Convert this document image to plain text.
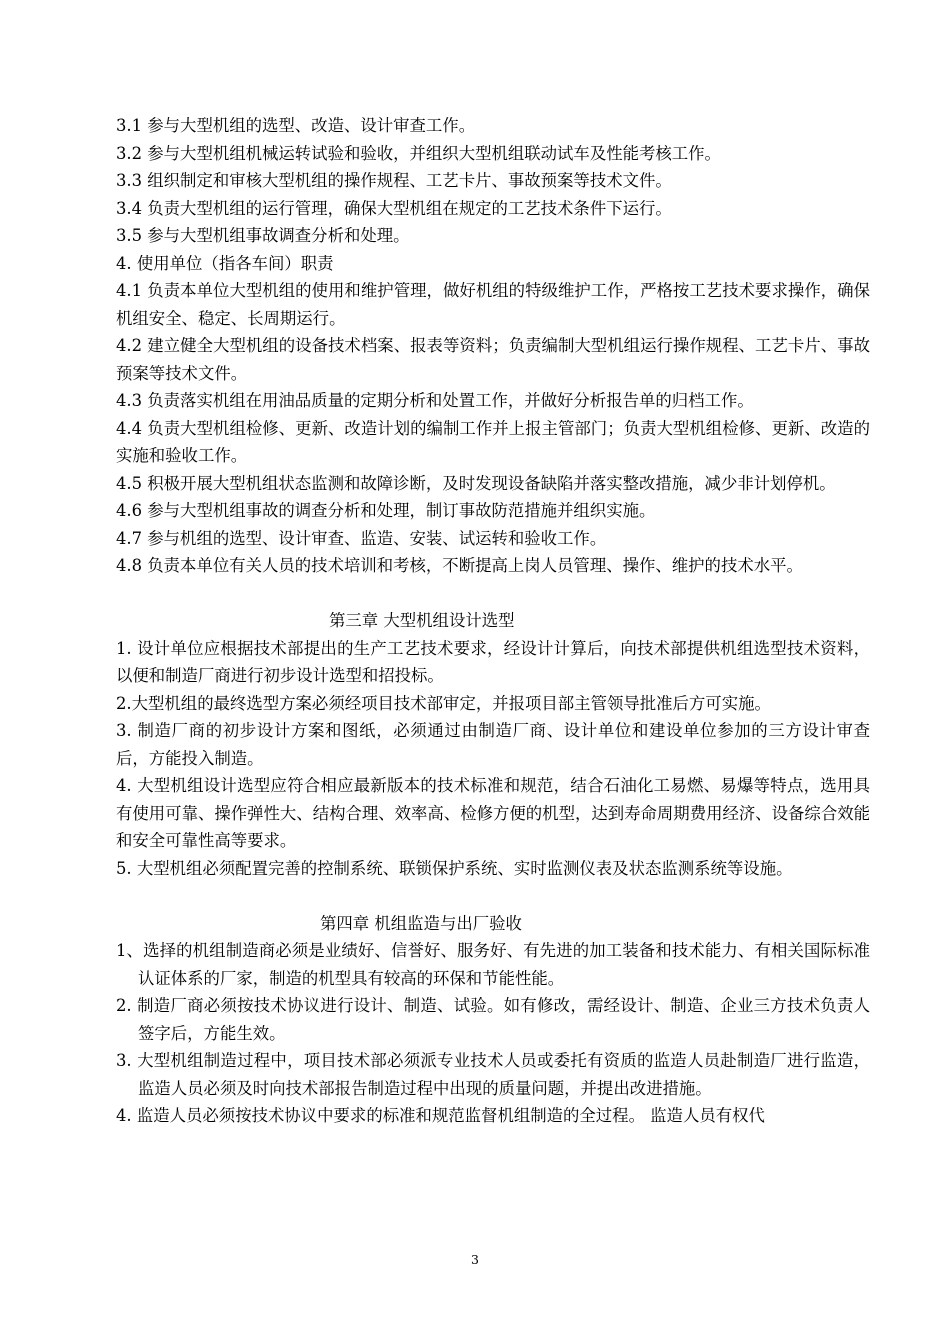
3.1 参与大型机组的选型、改造、设计审查工作。

3.2 参与大型机组机械运转试验和验收，并组织大型机组联动试车及性能考核工作。

3.3 组织制定和审核大型机组的操作规程、工艺卡片、事故预案等技术文件。

3.4 负责大型机组的运行管理，确保大型机组在规定的工艺技术条件下运行。

3.5 参与大型机组事故调查分析和处理。

4. 使用单位（指各车间）职责

4.1 负责本单位大型机组的使用和维护管理，做好机组的特级维护工作，严格按工艺技术要求操作，确保机组安全、稳定、长周期运行。

4.2 建立健全大型机组的设备技术档案、报表等资料；负责编制大型机组运行操作规程、工艺卡片、事故预案等技术文件。

4.3 负责落实机组在用油品质量的定期分析和处置工作，并做好分析报告单的归档工作。

4.4 负责大型机组检修、更新、改造计划的编制工作并上报主管部门；负责大型机组检修、更新、改造的实施和验收工作。

4.5 积极开展大型机组状态监测和故障诊断，及时发现设备缺陷并落实整改措施，减少非计划停机。

4.6 参与大型机组事故的调查分析和处理，制订事故防范措施并组织实施。

4.7 参与机组的选型、设计审查、监造、安装、试运转和验收工作。

4.8 负责本单位有关人员的技术培训和考核，不断提高上岗人员管理、操作、维护的技术水平。

第三章 大型机组设计选型

1. 设计单位应根据技术部提出的生产工艺技术要求，经设计计算后，向技术部提供机组选型技术资料，以便和制造厂商进行初步设计选型和招投标。

2.大型机组的最终选型方案必须经项目技术部审定，并报项目部主管领导批准后方可实施。

3. 制造厂商的初步设计方案和图纸，必须通过由制造厂商、设计单位和建设单位参加的三方设计审查后，方能投入制造。

4. 大型机组设计选型应符合相应最新版本的技术标准和规范，结合石油化工易燃、易爆等特点，选用具有使用可靠、操作弹性大、结构合理、效率高、检修方便的机型，达到寿命周期费用经济、设备综合效能和安全可靠性高等要求。

5. 大型机组必须配置完善的控制系统、联锁保护系统、实时监测仪表及状态监测系统等设施。

第四章 机组监造与出厂验收

1、选择的机组制造商必须是业绩好、信誉好、服务好、有先进的加工装备和技术能力、有相关国际标准认证体系的厂家，制造的机型具有较高的环保和节能性能。

2. 制造厂商必须按技术协议进行设计、制造、试验。如有修改，需经设计、制造、企业三方技术负责人签字后，方能生效。

3. 大型机组制造过程中，项目技术部必须派专业技术人员或委托有资质的监造人员赴制造厂进行监造，监造人员必须及时向技术部报告制造过程中出现的质量问题，并提出改进措施。

4. 监造人员必须按技术协议中要求的标准和规范监督机组制造的全过程。 监造人员有权代

3
